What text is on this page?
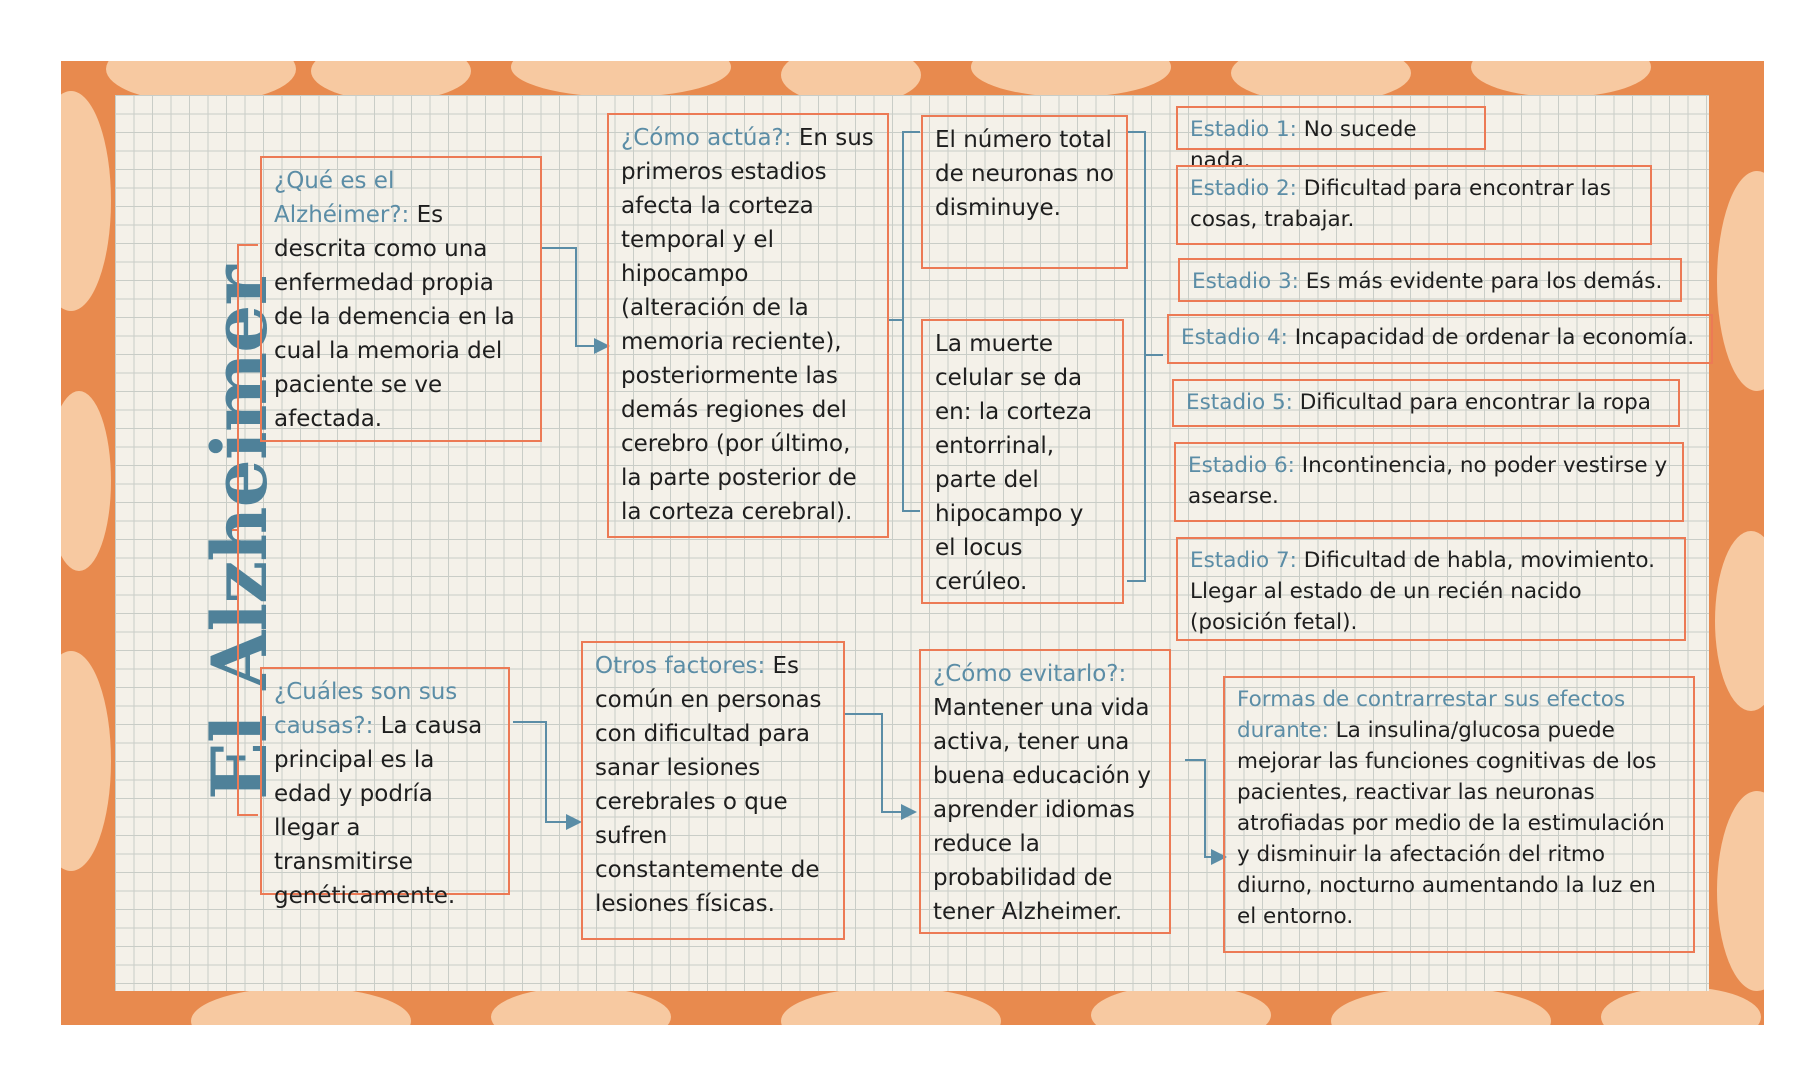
El Alzheimer
¿Qué es el Alzhéimer?: Es descrita como una enfermedad propia de la demencia en la cual la memoria del paciente se ve afectada.
¿Cómo actúa?: En sus primeros estadios afecta la corteza temporal y el hipocampo (alteración de la memoria reciente), posteriormente las demás regiones del cerebro (por último, la parte posterior de la corteza cerebral).
El número total de neuronas no disminuye.
La muerte celular se da en: la corteza entorrinal, parte del hipocampo y el locus cerúleo.
Estadio 1: No sucede nada.
Estadio 2: Dificultad para encontrar las cosas, trabajar.
Estadio 3: Es más evidente para los demás.
Estadio 4: Incapacidad de ordenar la economía.
Estadio 5: Dificultad para encontrar la ropa
Estadio 6: Incontinencia, no poder vestirse y asearse.
Estadio 7: Dificultad de habla, movimiento. Llegar al estado de un recién nacido (posición fetal).
¿Cuáles son sus causas?: La causa principal es la edad y podría llegar a transmitirse genéticamente.
Otros factores: Es común en personas con dificultad para sanar lesiones cerebrales o que sufren constantemente de lesiones físicas.
¿Cómo evitarlo?: Mantener una vida activa, tener una buena educación y aprender idiomas reduce la probabilidad de tener Alzheimer.
Formas de contrarrestar sus efectos durante: La insulina/glucosa puede mejorar las funciones cognitivas de los pacientes, reactivar las neuronas atrofiadas por medio de la estimulación y disminuir la afectación del ritmo diurno, nocturno aumentando la luz en el entorno.
